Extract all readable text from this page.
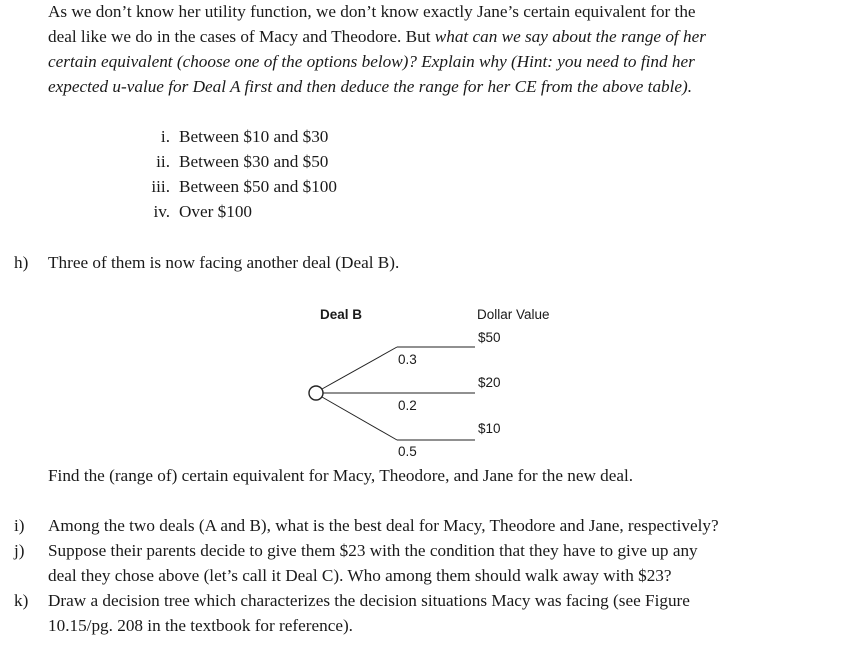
As we don’t know her utility function, we don’t know exactly Jane’s certain equivalent for the
deal like we do in the cases of Macy and Theodore. But what can we say about the range of her
certain equivalent (choose one of the options below)? Explain why (Hint: you need to find her
expected u-value for Deal A first and then deduce the range for her CE from the above table).
i. Between $10 and $30
ii. Between $30 and $50
iii. Between $50 and $100
iv. Over $100
h) Three of them is now facing another deal (Deal B).
Deal B	Dollar Value
$50
0.3
$20
0.2
$10
0.5
Find the (range of) certain equivalent for Macy, Theodore, and Jane for the new deal.
i) Among the two deals (A and B), what is the best deal for Macy, Theodore and Jane, respectively?
j) Suppose their parents decide to give them $23 with the condition that they have to give up any
deal they chose above (let’s call it Deal C). Who among them should walk away with $23?
k) Draw a decision tree which characterizes the decision situations Macy was facing (see Figure
10.15/pg. 208 in the textbook for reference).
